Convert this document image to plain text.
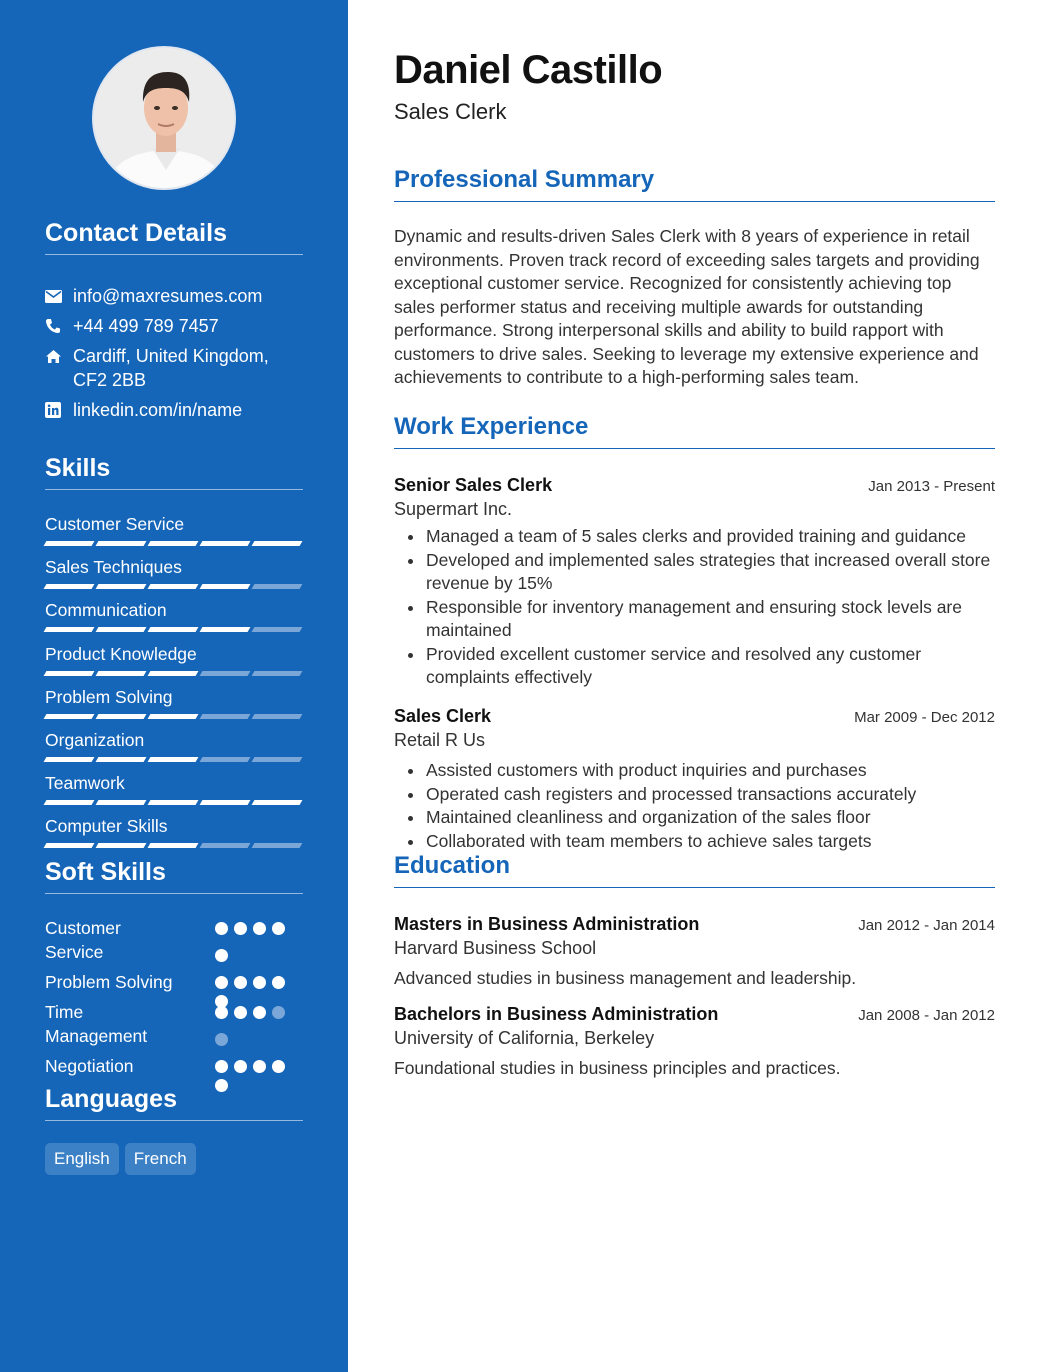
Contact Details
info@maxresumes.com
+44 499 789 7457
Cardiff, United Kingdom,
CF2 2BB
linkedin.com/in/name
Skills
Customer Service
Sales Techniques
Communication
Product Knowledge
Problem Solving
Organization
Teamwork
Computer Skills
Soft Skills
Customer Service
Problem Solving
Time Management
Negotiation
Languages
English	French
Daniel Castillo
Sales Clerk
Professional Summary
Dynamic and results-driven Sales Clerk with 8 years of experience in retail environments. Proven track record of exceeding sales targets and providing exceptional customer service. Recognized for consistently achieving top sales performer status and receiving multiple awards for outstanding performance. Strong interpersonal skills and ability to build rapport with customers to drive sales. Seeking to leverage my extensive experience and achievements to contribute to a high-performing sales team.
Work Experience
Senior Sales Clerk	Jan 2013 - Present
Supermart Inc.
Managed a team of 5 sales clerks and provided training and guidance
Developed and implemented sales strategies that increased overall store revenue by 15%
Responsible for inventory management and ensuring stock levels are maintained
Provided excellent customer service and resolved any customer complaints effectively
Sales Clerk	Mar 2009 - Dec 2012
Retail R Us
Assisted customers with product inquiries and purchases
Operated cash registers and processed transactions accurately
Maintained cleanliness and organization of the sales floor
Collaborated with team members to achieve sales targets
Education
Masters in Business Administration	Jan 2012 - Jan 2014
Harvard Business School
Advanced studies in business management and leadership.
Bachelors in Business Administration	Jan 2008 - Jan 2012
University of California, Berkeley
Foundational studies in business principles and practices.
